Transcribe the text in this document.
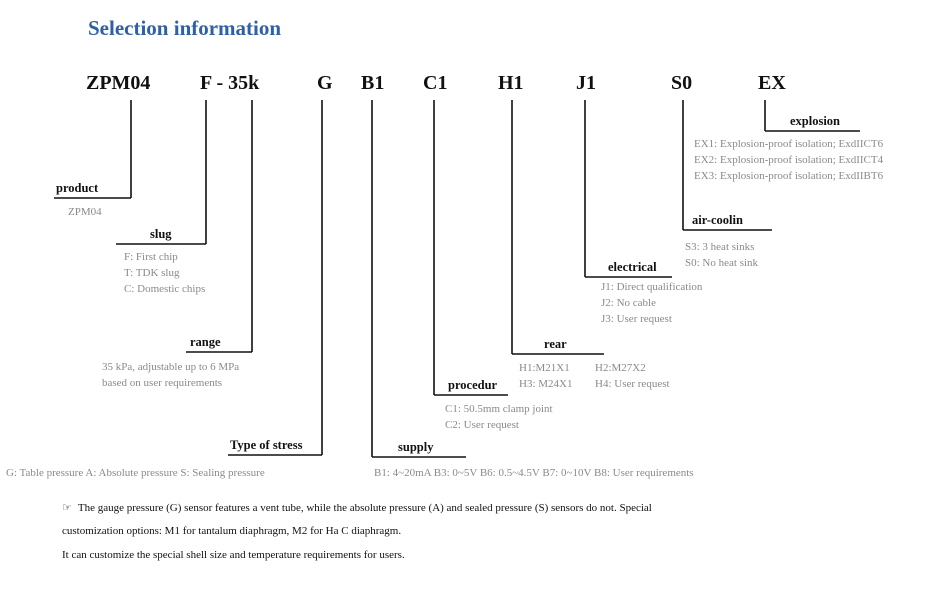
Selection information
ZPM04 F - 35k	G B1 C1	H1	J1	S0	EX
product
ZPM04
slug
F: First chip
T: TDK slug
C: Domestic chips
range
35 kPa, adjustable up to 6 MPa
based on user requirements
Type of stress
G: Table pressure A: Absolute pressure S: Sealing pressure
supply
B1: 4~20mA B3: 0~5V B6: 0.5~4.5V B7: 0~10V B8: User requirements
procedur
C1: 50.5mm clamp joint
C2: User request
rear
H1:M21X1 H2:M27X2
H3: M24X1 H4: User request
electrical
J1: Direct qualification
J2: No cable
J3: User request
air-coolin
S3: 3 heat sinks
S0: No heat sink
explosion
EX1: Explosion-proof isolation; ExdIICT6
EX2: Explosion-proof isolation; ExdIICT4
EX3: Explosion-proof isolation; ExdIIBT6
☞ The gauge pressure (G) sensor features a vent tube, while the absolute pressure (A) and sealed pressure (S) sensors do not. Special
customization options: M1 for tantalum diaphragm, M2 for Ha C diaphragm.
It can customize the special shell size and temperature requirements for users.
